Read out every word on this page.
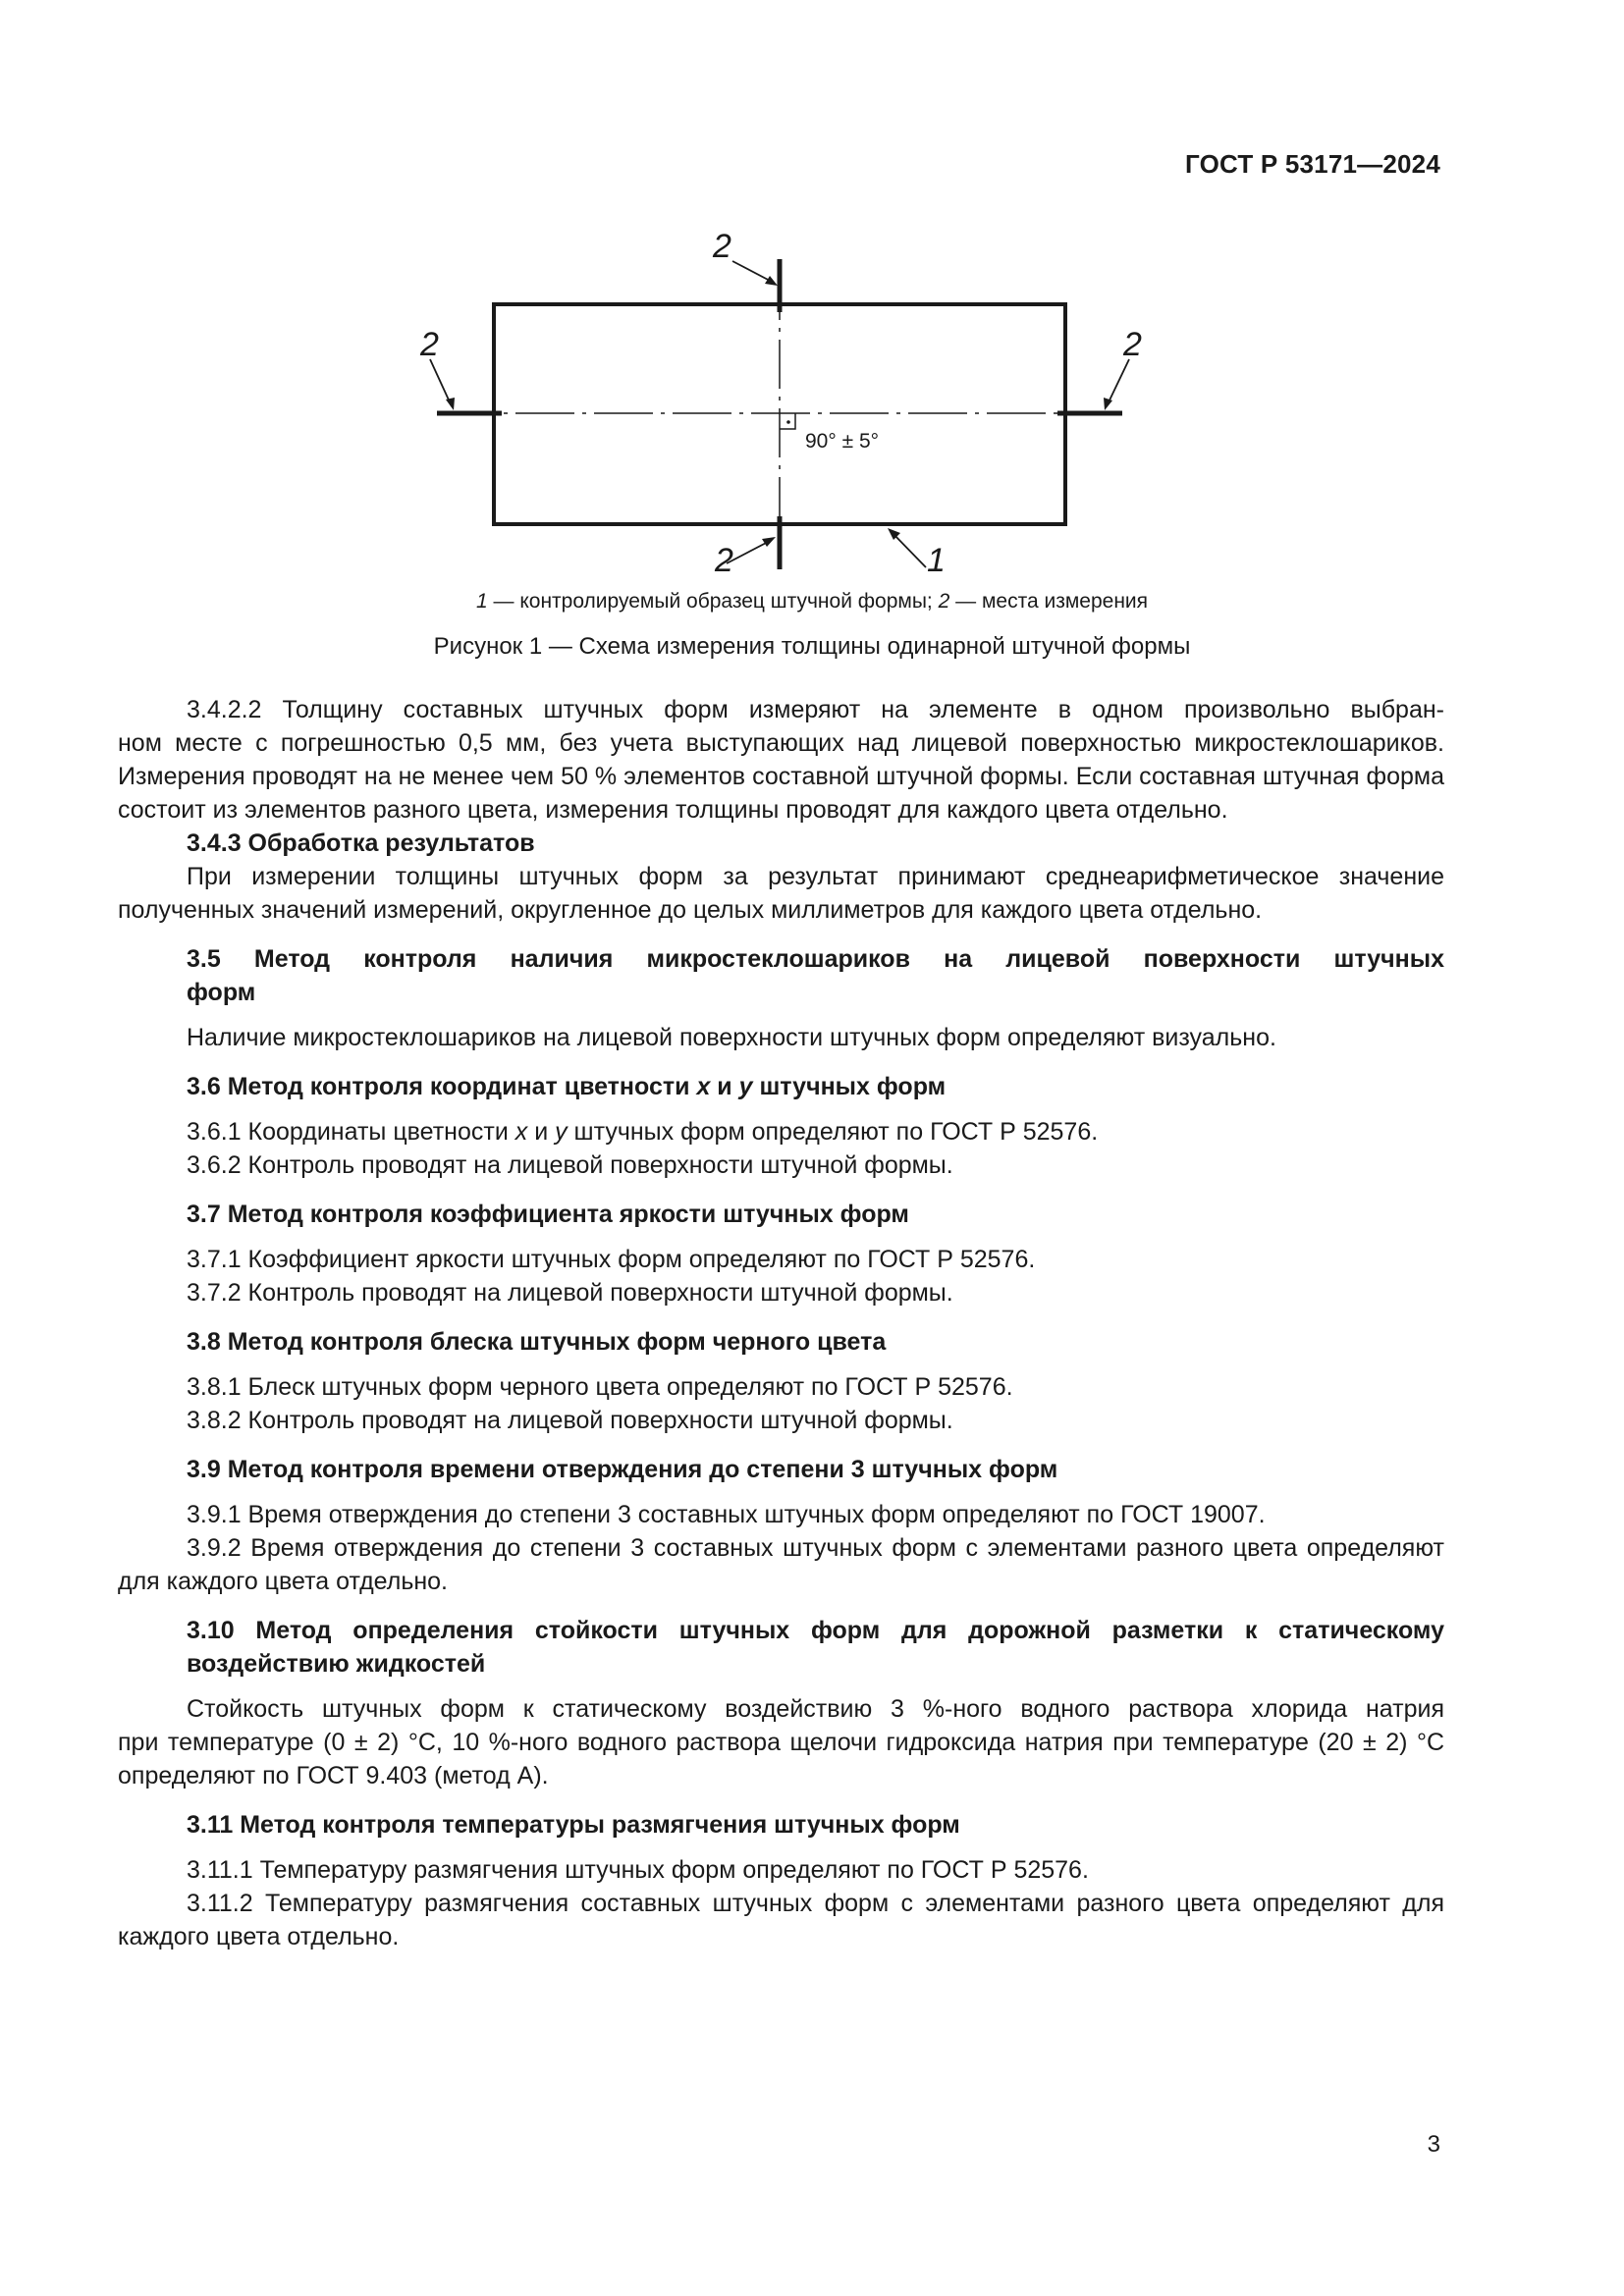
ГОСТ Р 53171—2024
90° ± 5°
2
2	2
2	1
1 — контролируемый образец штучной формы; 2 — места измерения
Рисунок 1 — Схема измерения толщины одинарной штучной формы

3.4.2.2 Толщину составных штучных форм измеряют на элементе в одном произвольно выбран-

ном месте с погрешностью 0,5 мм, без учета выступающих над лицевой поверхностью микростеклошариков. Измерения проводят на не менее чем 50 % элементов составной штучной формы. Если составная штучная форма состоит из элементов разного цвета, измерения толщины проводят для каждого цвета отдельно.

3.4.3 Обработка результатов

При измерении толщины штучных форм за результат принимают среднеарифметическое значение полученных значений измерений, округленное до целых миллиметров для каждого цвета отдельно.

3.5 Метод контроля наличия микростеклошариков на лицевой поверхности штучных

форм

Наличие микростеклошариков на лицевой поверхности штучных форм определяют визуально.

3.6 Метод контроля координат цветности x и y штучных форм

3.6.1 Координаты цветности x и y штучных форм определяют по ГОСТ Р 52576.

3.6.2 Контроль проводят на лицевой поверхности штучной формы.

3.7 Метод контроля коэффициента яркости штучных форм

3.7.1 Коэффициент яркости штучных форм определяют по ГОСТ Р 52576.

3.7.2 Контроль проводят на лицевой поверхности штучной формы.

3.8 Метод контроля блеска штучных форм черного цвета

3.8.1 Блеск штучных форм черного цвета определяют по ГОСТ Р 52576.

3.8.2 Контроль проводят на лицевой поверхности штучной формы.

3.9 Метод контроля времени отверждения до степени 3 штучных форм

3.9.1 Время отверждения до степени 3 составных штучных форм определяют по ГОСТ 19007.

3.9.2 Время отверждения до степени 3 составных штучных форм с элементами разного цвета определяют для каждого цвета отдельно.

3.10 Метод определения стойкости штучных форм для дорожной разметки к статическому

воздействию жидкостей

Стойкость штучных форм к статическому воздействию 3 %-ного водного раствора хлорида натрия

при температуре (0 ± 2) °С, 10 %-ного водного раствора щелочи гидроксида натрия при температуре (20 ± 2) °С определяют по ГОСТ 9.403 (метод А).

3.11 Метод контроля температуры размягчения штучных форм

3.11.1 Температуру размягчения штучных форм определяют по ГОСТ Р 52576.

3.11.2 Температуру размягчения составных штучных форм с элементами разного цвета определяют для каждого цвета отдельно.

3
